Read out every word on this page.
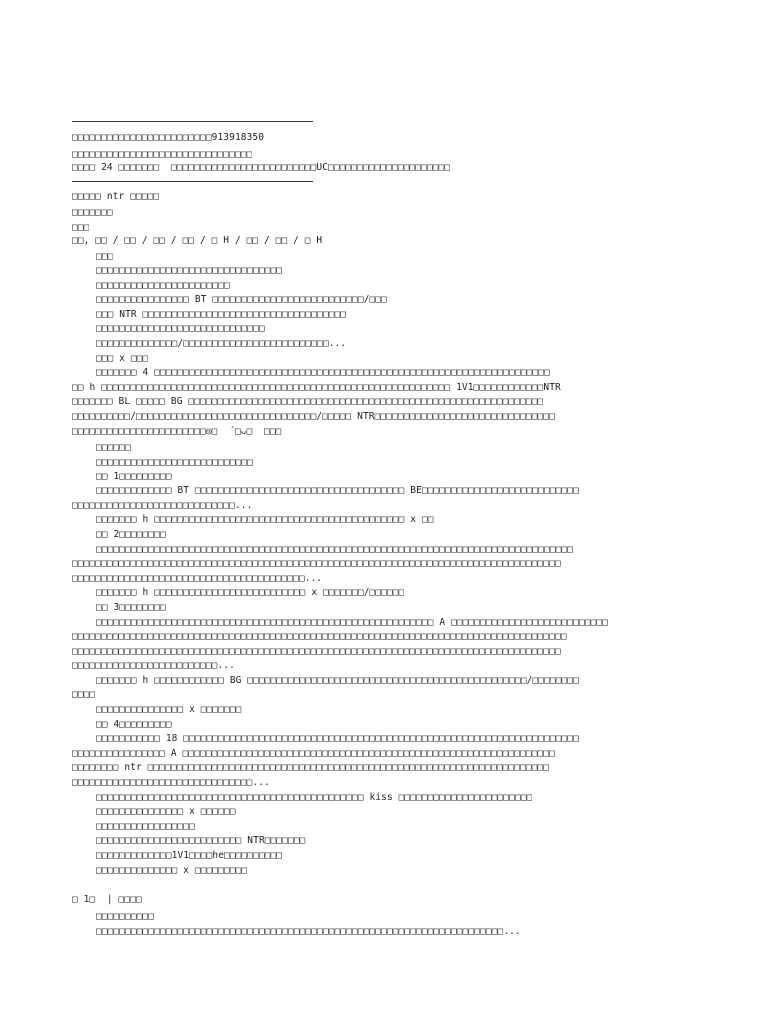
□□□□□□□□□□□□□□□□□□□□□□□□913918350
□□□□□□□□□□□□□□□□□□□□□□□□□□□□□□□
□□□□ 24 □□□□□□□  □□□□□□□□□□□□□□□□□□□□□□□□□UC□□□□□□□□□□□□□□□□□□□□□
□□□□□ ntr □□□□□
□□□□□□□
□□□
□□, □□ / □□ / □□ / □□ / □ H / □□ / □□ / □ H
□□□
□□□□□□□□□□□□□□□□□□□□□□□□□□□□□□□□
□□□□□□□□□□□□□□□□□□□□□□□
□□□□□□□□□□□□□□□□ BT □□□□□□□□□□□□□□□□□□□□□□□□□□/□□□
□□□ NTR □□□□□□□□□□□□□□□□□□□□□□□□□□□□□□□□□□□
□□□□□□□□□□□□□□□□□□□□□□□□□□□□□
□□□□□□□□□□□□□□/□□□□□□□□□□□□□□□□□□□□□□□□□...
□□□ x □□□
□□□□□□□ 4 □□□□□□□□□□□□□□□□□□□□□□□□□□□□□□□□□□□□□□□□□□□□□□□□□□□□□□□□□□□□□□□□□□□□
□□ h □□□□□□□□□□□□□□□□□□□□□□□□□□□□□□□□□□□□□□□□□□□□□□□□□□□□□□□□□□□□ 1V1□□□□□□□□□□□□NTR
□□□□□□□ BL □□□□□ BG □□□□□□□□□□□□□□□□□□□□□□□□□□□□□□□□□□□□□□□□□□□□□□□□□□□□□□□□□□□□□
□□□□□□□□□□/□□□□□□□□□□□□□□□□□□□□□□□□□□□□□□□/□□□□□ NTR□□□□□□□□□□□□□□□□□□□□□□□□□□□□□□□
□□□□□□□□□□□□□□□□□□□□□□□◎□  ´□ᴗ□  □□□
□□□□□□
□□□□□□□□□□□□□□□□□□□□□□□□□□□
□□ 1□□□□□□□□□
□□□□□□□□□□□□□ BT □□□□□□□□□□□□□□□□□□□□□□□□□□□□□□□□□□□□ BE□□□□□□□□□□□□□□□□□□□□□□□□□□□
□□□□□□□□□□□□□□□□□□□□□□□□□□□□...
□□□□□□□ h □□□□□□□□□□□□□□□□□□□□□□□□□□□□□□□□□□□□□□□□□□□ x □□
□□ 2□□□□□□□□
□□□□□□□□□□□□□□□□□□□□□□□□□□□□□□□□□□□□□□□□□□□□□□□□□□□□□□□□□□□□□□□□□□□□□□□□□□□□□□□□□□
□□□□□□□□□□□□□□□□□□□□□□□□□□□□□□□□□□□□□□□□□□□□□□□□□□□□□□□□□□□□□□□□□□□□□□□□□□□□□□□□□□□□
□□□□□□□□□□□□□□□□□□□□□□□□□□□□□□□□□□□□□□□□...
□□□□□□□ h □□□□□□□□□□□□□□□□□□□□□□□□□□ x □□□□□□□/□□□□□□
□□ 3□□□□□□□□
□□□□□□□□□□□□□□□□□□□□□□□□□□□□□□□□□□□□□□□□□□□□□□□□□□□□□□□□□□ A □□□□□□□□□□□□□□□□□□□□□□□□□□□
□□□□□□□□□□□□□□□□□□□□□□□□□□□□□□□□□□□□□□□□□□□□□□□□□□□□□□□□□□□□□□□□□□□□□□□□□□□□□□□□□□□□□
□□□□□□□□□□□□□□□□□□□□□□□□□□□□□□□□□□□□□□□□□□□□□□□□□□□□□□□□□□□□□□□□□□□□□□□□□□□□□□□□□□□□
□□□□□□□□□□□□□□□□□□□□□□□□□...
□□□□□□□ h □□□□□□□□□□□□ BG □□□□□□□□□□□□□□□□□□□□□□□□□□□□□□□□□□□□□□□□□□□□□□□□/□□□□□□□□
□□□□
□□□□□□□□□□□□□□□ x □□□□□□□
□□ 4□□□□□□□□□
□□□□□□□□□□□ 18 □□□□□□□□□□□□□□□□□□□□□□□□□□□□□□□□□□□□□□□□□□□□□□□□□□□□□□□□□□□□□□□□□□□□
□□□□□□□□□□□□□□□□ A □□□□□□□□□□□□□□□□□□□□□□□□□□□□□□□□□□□□□□□□□□□□□□□□□□□□□□□□□□□□□□□□
□□□□□□□□ ntr □□□□□□□□□□□□□□□□□□□□□□□□□□□□□□□□□□□□□□□□□□□□□□□□□□□□□□□□□□□□□□□□□□□□□
□□□□□□□□□□□□□□□□□□□□□□□□□□□□□□□...
□□□□□□□□□□□□□□□□□□□□□□□□□□□□□□□□□□□□□□□□□□□□□□ kiss □□□□□□□□□□□□□□□□□□□□□□□
□□□□□□□□□□□□□□□ x □□□□□□
□□□□□□□□□□□□□□□□□
□□□□□□□□□□□□□□□□□□□□□□□□□ NTR□□□□□□□
□□□□□□□□□□□□□1V1□□□□he□□□□□□□□□□
□□□□□□□□□□□□□□ x □□□□□□□□□
□ 1□  | □□□□
□□□□□□□□□□
□□□□□□□□□□□□□□□□□□□□□□□□□□□□□□□□□□□□□□□□□□□□□□□□□□□□□□□□□□□□□□□□□□□□□□...
